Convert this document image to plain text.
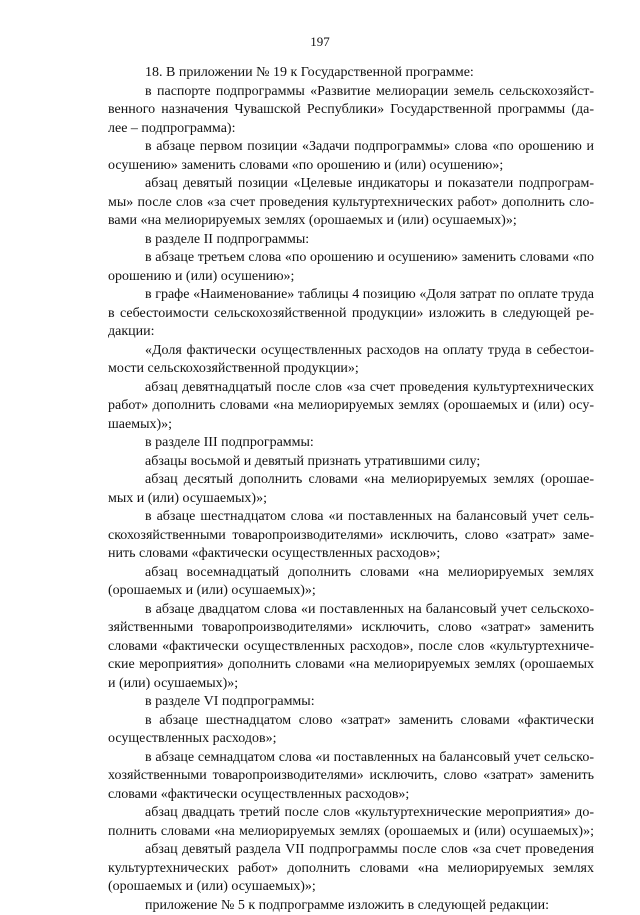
197
18. В приложении № 19 к Государственной программе:
в паспорте подпрограммы «Развитие мелиорации земель сельскохозяйст-
венного назначения Чувашской Республики» Государственной программы (да-
лее – подпрограмма):
в абзаце первом позиции «Задачи подпрограммы» слова «по орошению и
осушению» заменить словами «по орошению и (или) осушению»;
абзац девятый позиции «Целевые индикаторы и показатели подпрограм-
мы» после слов «за счет проведения культуртехнических работ» дополнить сло-
вами «на мелиорируемых землях (орошаемых и (или) осушаемых)»;
в разделе II подпрограммы:
в абзаце третьем слова «по орошению и осушению» заменить словами «по
орошению и (или) осушению»;
в графе «Наименование» таблицы 4 позицию «Доля затрат по оплате труда
в себестоимости сельскохозяйственной продукции» изложить в следующей ре-
дакции:
«Доля фактически осуществленных расходов на оплату труда в себестои-
мости сельскохозяйственной продукции»;
абзац девятнадцатый после слов «за счет проведения культуртехнических
работ» дополнить словами «на мелиорируемых землях (орошаемых и (или) осу-
шаемых)»;
в разделе III подпрограммы:
абзацы восьмой и девятый признать утратившими силу;
абзац десятый дополнить словами «на мелиорируемых землях (орошае-
мых и (или) осушаемых)»;
в абзаце шестнадцатом слова «и поставленных на балансовый учет сель-
скохозяйственными товаропроизводителями» исключить, слово «затрат» заме-
нить словами «фактически осуществленных расходов»;
абзац восемнадцатый дополнить словами «на мелиорируемых землях
(орошаемых и (или) осушаемых)»;
в абзаце двадцатом слова «и поставленных на балансовый учет сельскохо-
зяйственными товаропроизводителями» исключить, слово «затрат» заменить
словами «фактически осуществленных расходов», после слов «культуртехниче-
ские мероприятия» дополнить словами «на мелиорируемых землях (орошаемых
и (или) осушаемых)»;
в разделе VI подпрограммы:
в абзаце шестнадцатом слово «затрат» заменить словами «фактически
осуществленных расходов»;
в абзаце семнадцатом слова «и поставленных на балансовый учет сельско-
хозяйственными товаропроизводителями» исключить, слово «затрат» заменить
словами «фактически осуществленных расходов»;
абзац двадцать третий после слов «культуртехнические мероприятия» до-
полнить словами «на мелиорируемых землях (орошаемых и (или) осушаемых)»;
абзац девятый раздела VII подпрограммы после слов «за счет проведения
культуртехнических работ» дополнить словами «на мелиорируемых землях
(орошаемых и (или) осушаемых)»;
приложение № 5 к подпрограмме изложить в следующей редакции:
